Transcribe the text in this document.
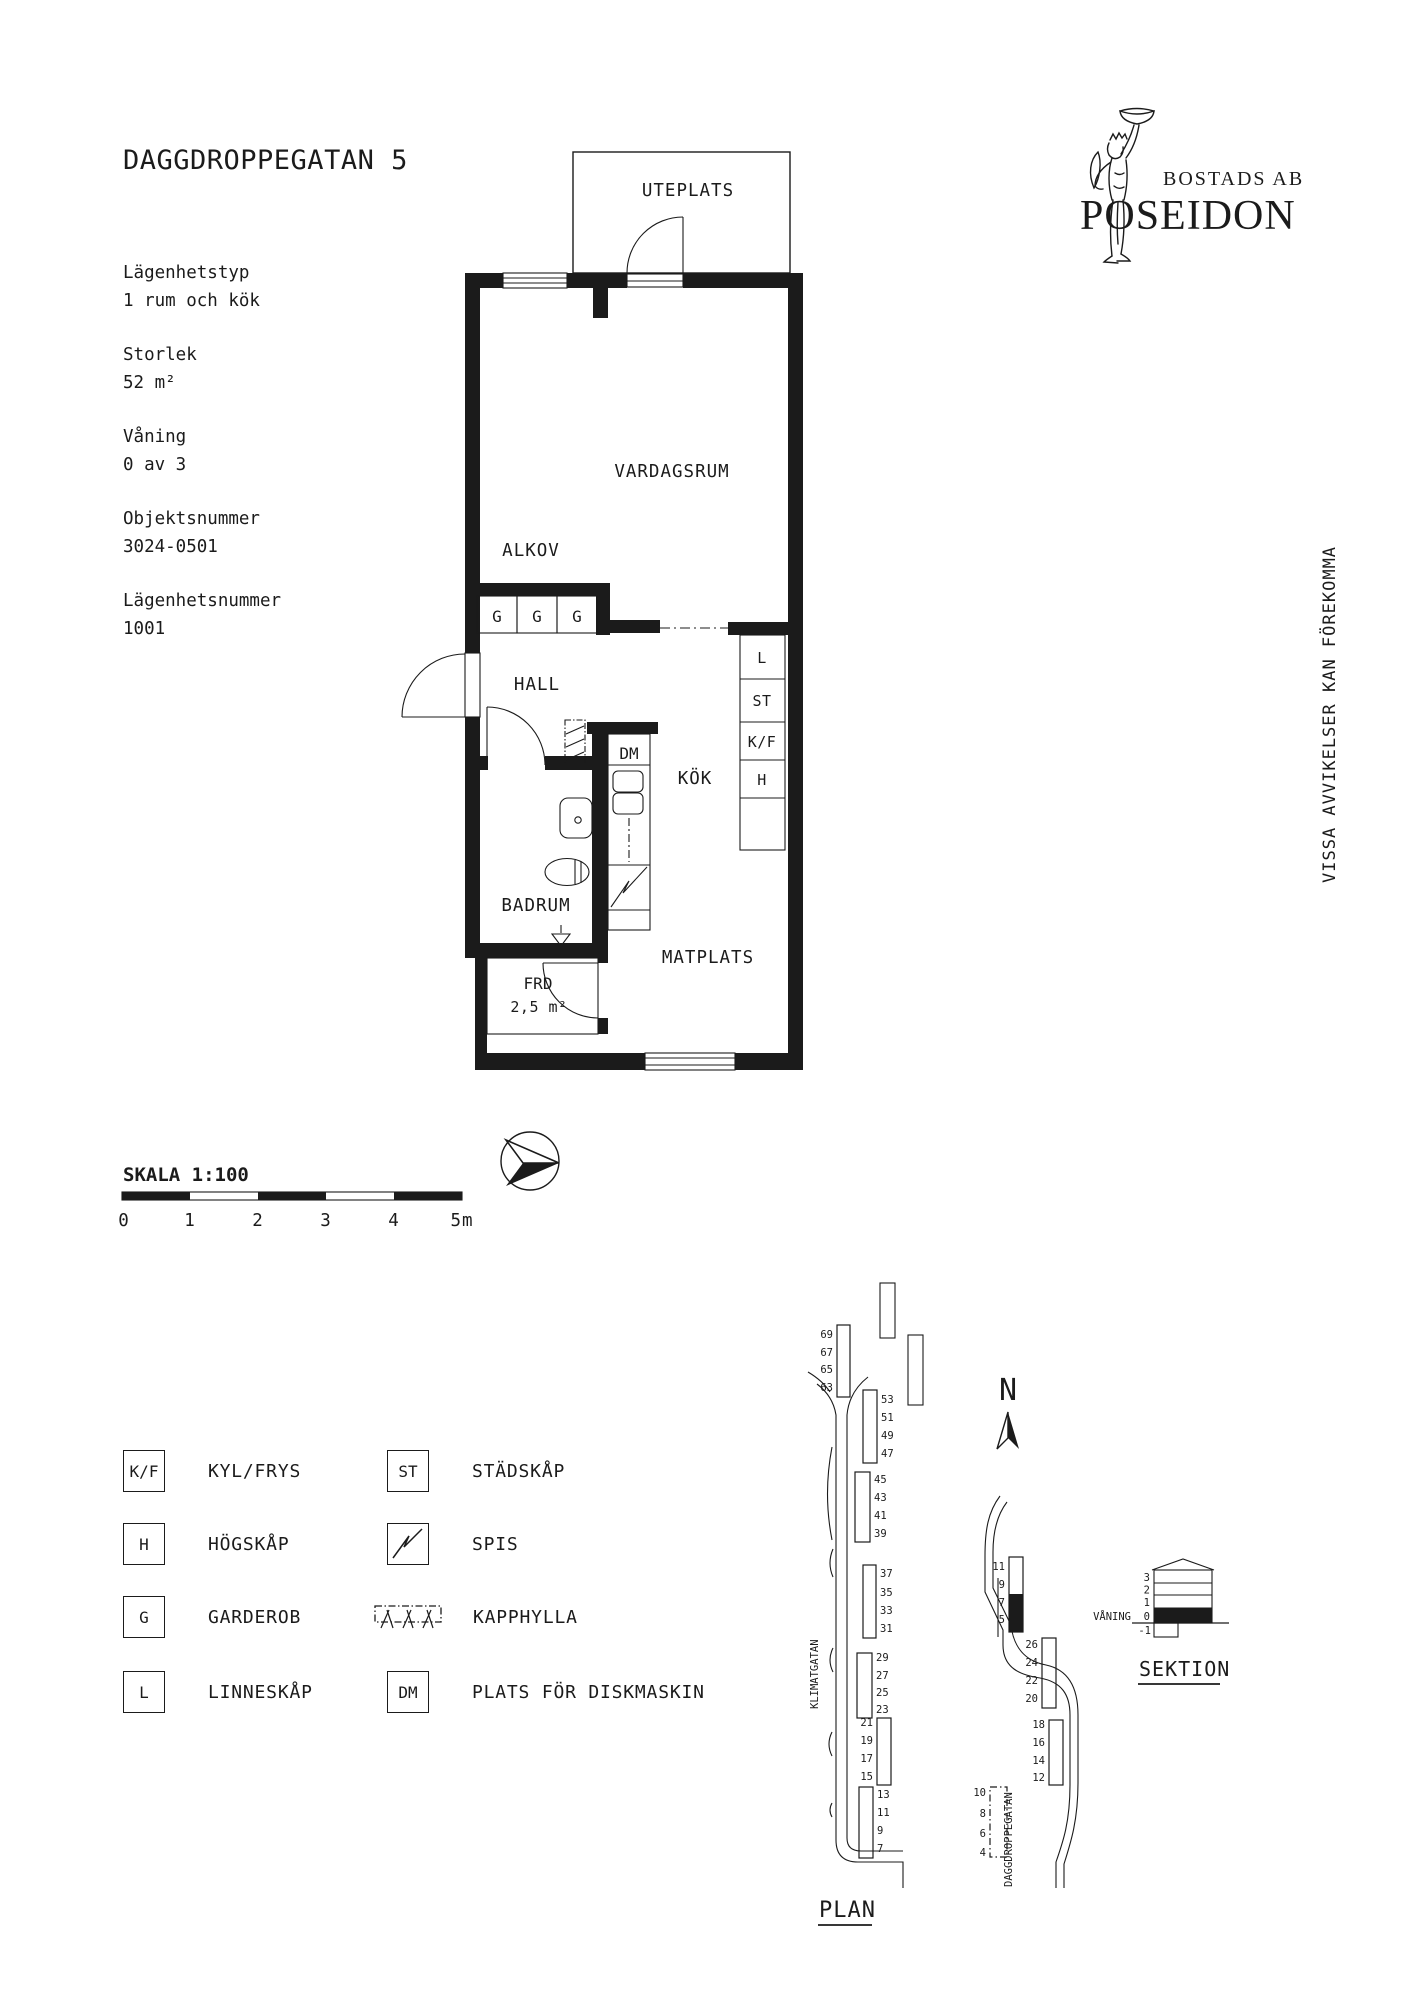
DAGGDROPPEGATAN 5
Lägenhetstyp
1 rum och kök
Storlek
52 m²
Våning
0 av 3
Objektsnummer
3024-0501
Lägenhetsnummer
1001
BOSTADS AB
POSEIDON
VISSA AVVIKELSER KAN FÖREKOMMA
G G G
L
ST
K/F
H
DM
UTEPLATS
VARDAGSRUM
ALKOV
HALL
KÖK
BADRUM
MATPLATS
FRD
2,5 m²
SKALA 1:100
0	1	2	3	4	5m
69
67
65
63
53
51
49
47
45
43
41
39
37
35
33
31
29
27
25
23
21
19
17
15
13
11
9
7
11
9
7
5
26
24
22
20
18
16
14
12
10
8
6
4
N
KLIMATGATAN
DAGGDROPPEGATAN
PLAN
3
2
1
0
-1
VÅNING
SEKTION
K/F	KYL/FRYS
H	HÖGSKÅP
G	GARDEROB
L	LINNESKÅP
ST	STÄDSKÅP
SPIS
KAPPHYLLA
DM	PLATS FÖR DISKMASKIN
